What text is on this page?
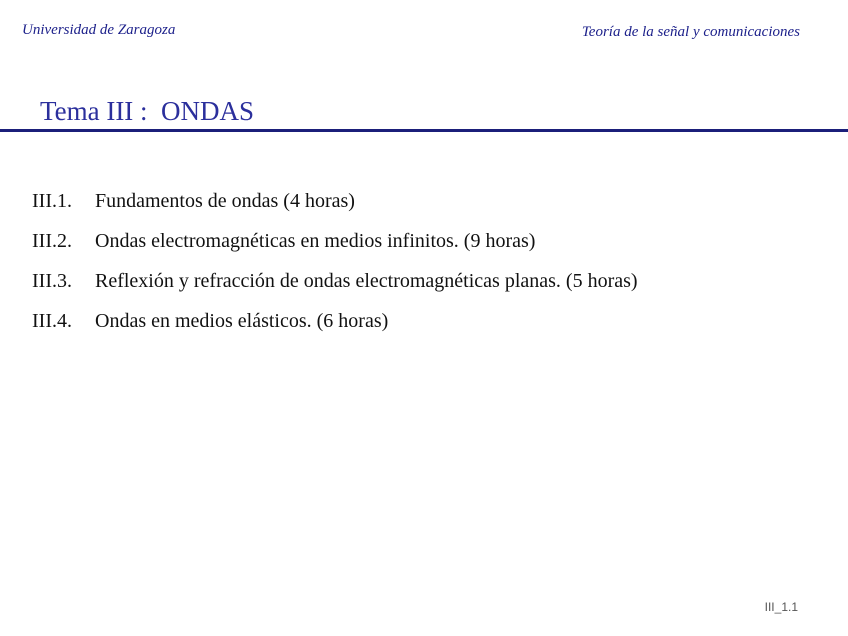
Universidad de Zaragoza	Teoría de la señal y comunicaciones
Tema III :  ONDAS
III.1.	Fundamentos de ondas (4 horas)
III.2.	Ondas electromagnéticas en medios infinitos. (9 horas)
III.3.	Reflexión y refracción de ondas electromagnéticas planas. (5 horas)
III.4.	Ondas en medios elásticos. (6 horas)
III_1.1
